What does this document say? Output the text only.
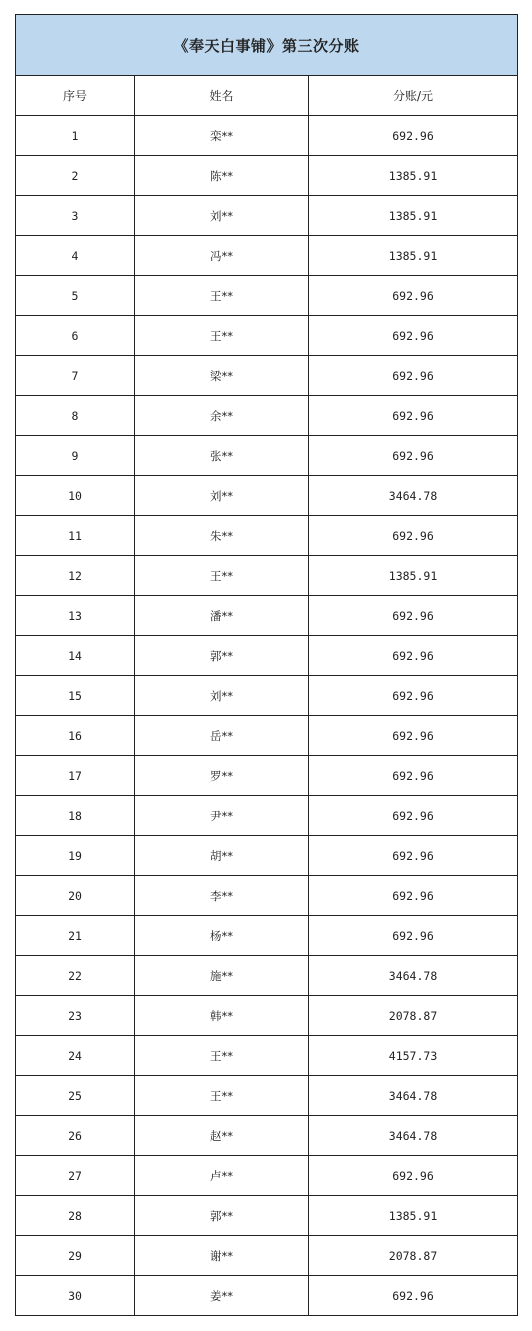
《奉天白事铺》第三次分账		
序号	姓名	分账/元
1	栾**	692.96
2	陈**	1385.91
3	刘**	1385.91
4	冯**	1385.91
5	王**	692.96
6	王**	692.96
7	梁**	692.96
8	余**	692.96
9	张**	692.96
10	刘**	3464.78
11	朱**	692.96
12	王**	1385.91
13	潘**	692.96
14	郭**	692.96
15	刘**	692.96
16	岳**	692.96
17	罗**	692.96
18	尹**	692.96
19	胡**	692.96
20	李**	692.96
21	杨**	692.96
22	施**	3464.78
23	韩**	2078.87
24	王**	4157.73
25	王**	3464.78
26	赵**	3464.78
27	卢**	692.96
28	郭**	1385.91
29	谢**	2078.87
30	姜**	692.96
